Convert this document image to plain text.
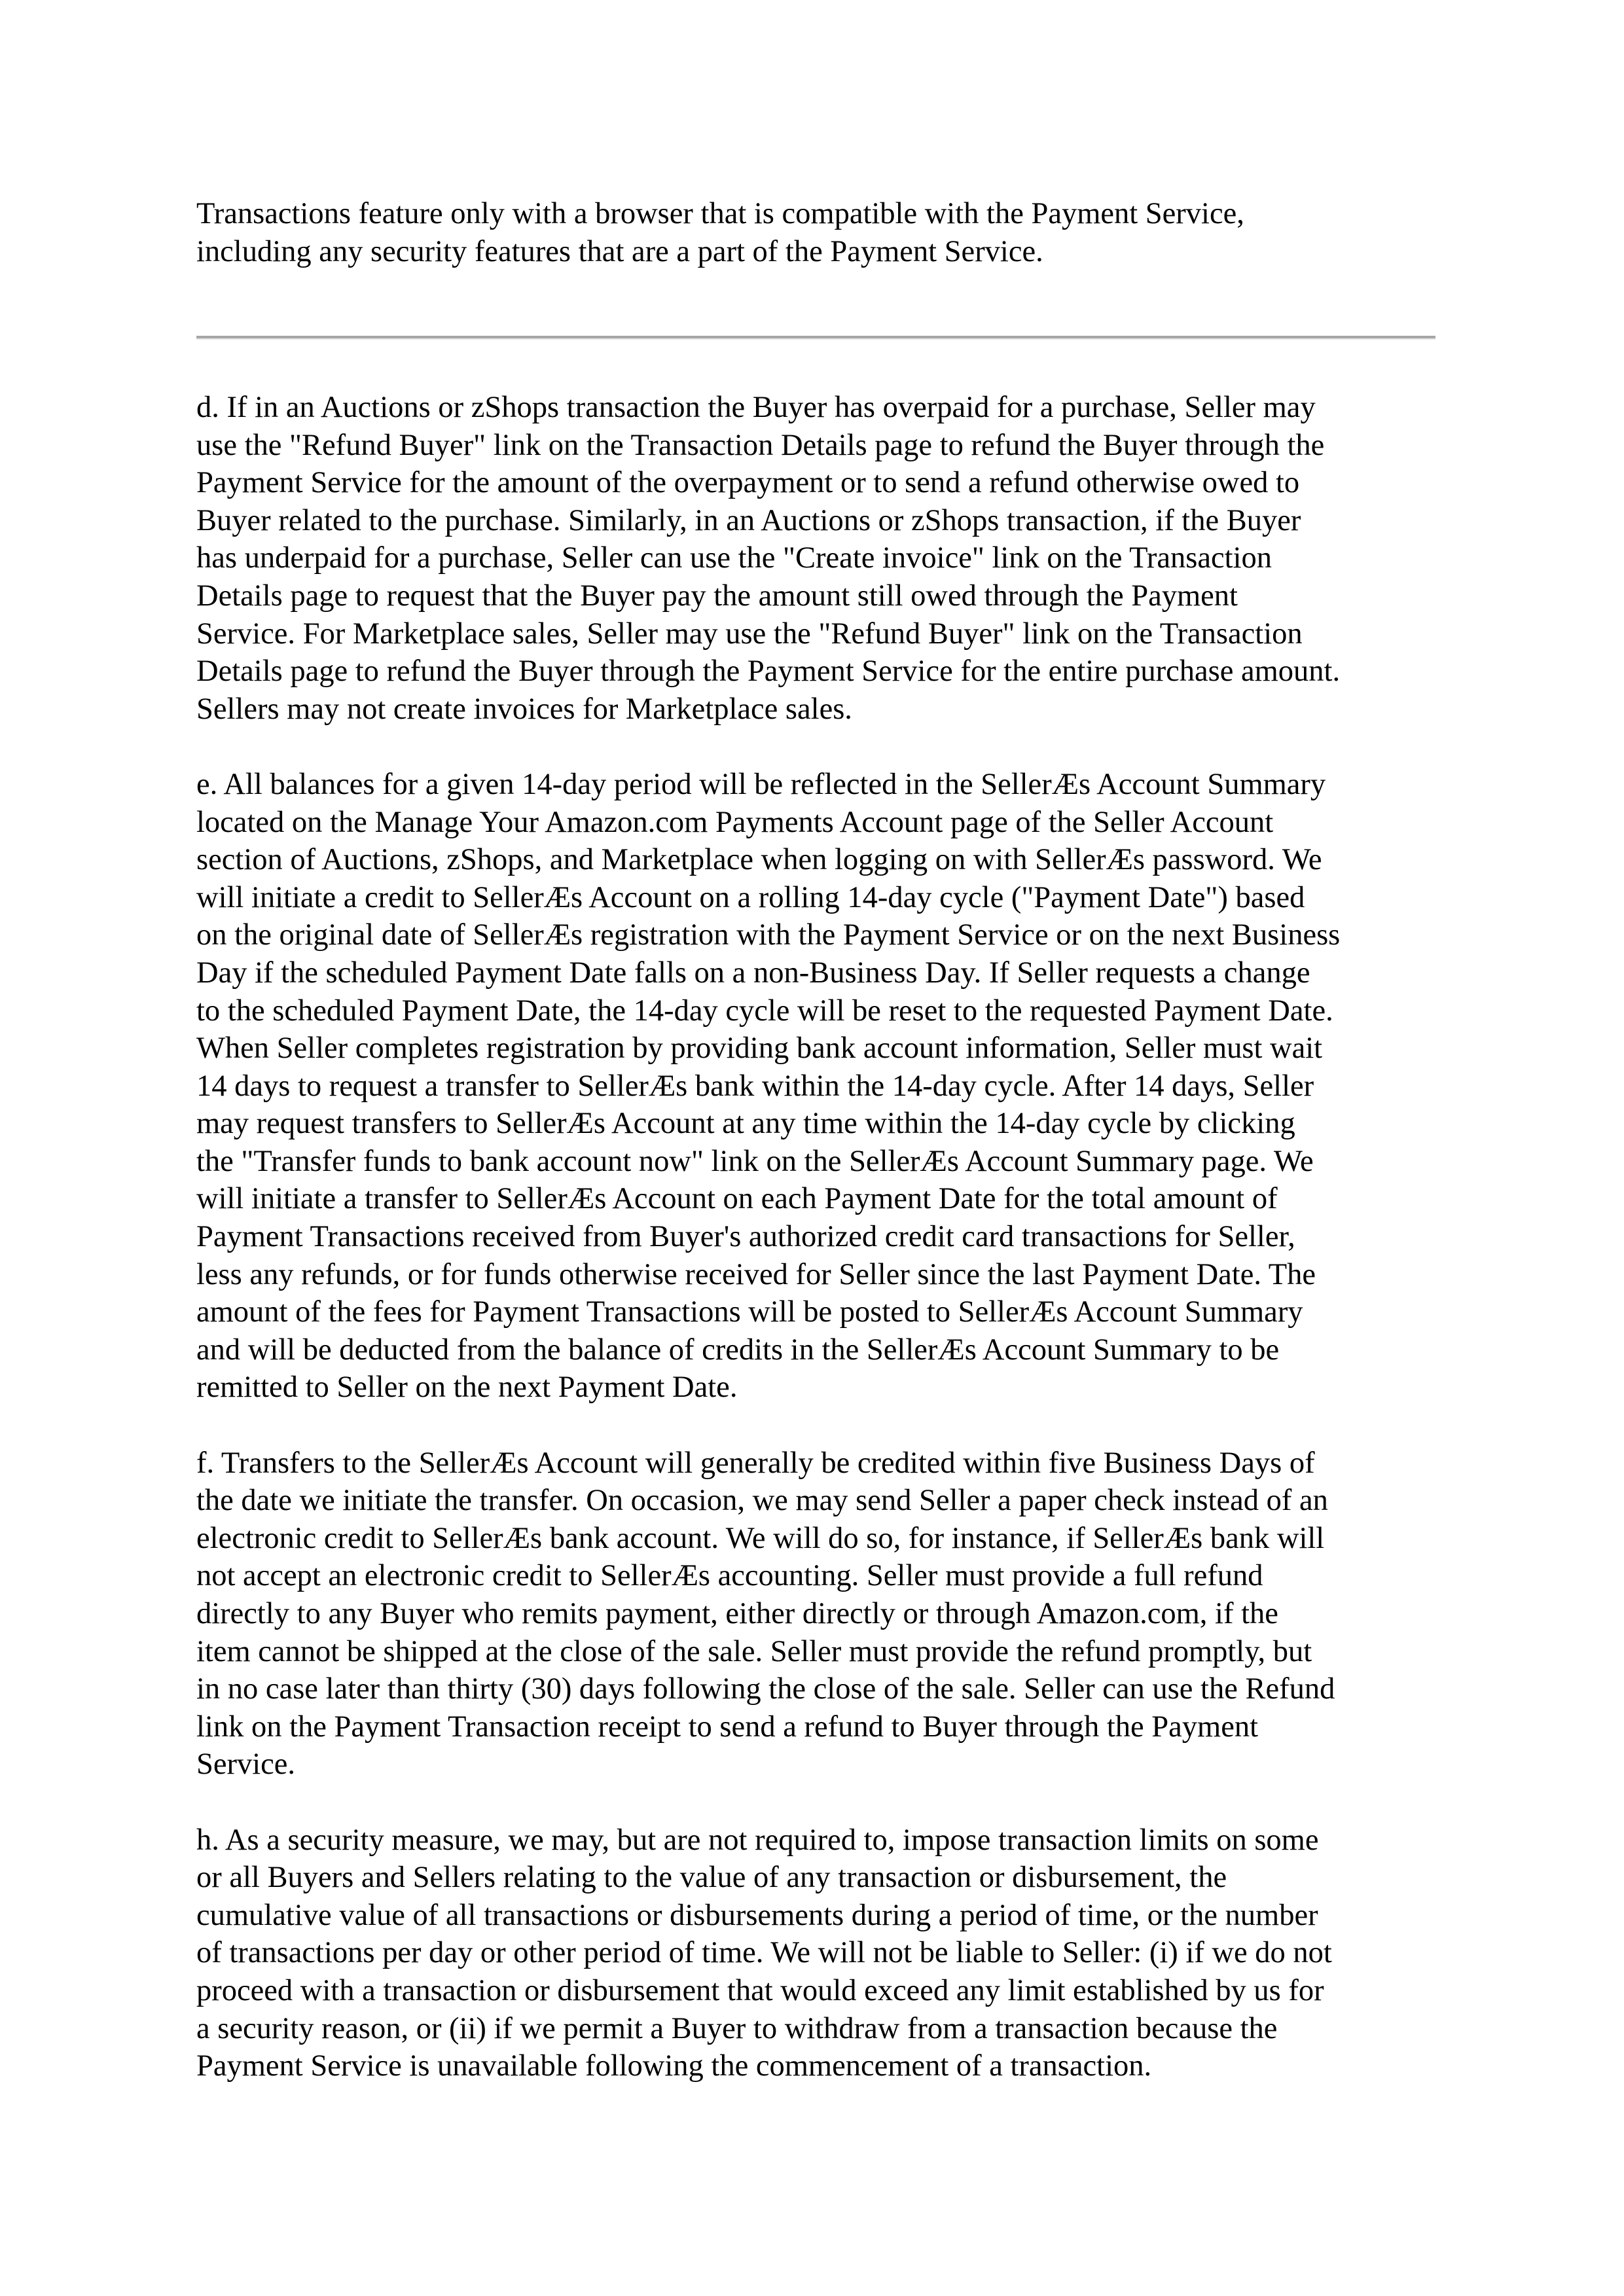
Transactions feature only with a browser that is compatible with the Payment Service,
including any security features that are a part of the Payment Service.

d. If in an Auctions or zShops transaction the Buyer has overpaid for a purchase, Seller may
use the "Refund Buyer" link on the Transaction Details page to refund the Buyer through the
Payment Service for the amount of the overpayment or to send a refund otherwise owed to
Buyer related to the purchase. Similarly, in an Auctions or zShops transaction, if the Buyer
has underpaid for a purchase, Seller can use the "Create invoice" link on the Transaction
Details page to request that the Buyer pay the amount still owed through the Payment
Service. For Marketplace sales, Seller may use the "Refund Buyer" link on the Transaction
Details page to refund the Buyer through the Payment Service for the entire purchase amount.
Sellers may not create invoices for Marketplace sales.

e. All balances for a given 14-day period will be reflected in the SellerÆs Account Summary
located on the Manage Your Amazon.com Payments Account page of the Seller Account
section of Auctions, zShops, and Marketplace when logging on with SellerÆs password. We
will initiate a credit to SellerÆs Account on a rolling 14-day cycle ("Payment Date") based
on the original date of SellerÆs registration with the Payment Service or on the next Business
Day if the scheduled Payment Date falls on a non-Business Day. If Seller requests a change
to the scheduled Payment Date, the 14-day cycle will be reset to the requested Payment Date.
When Seller completes registration by providing bank account information, Seller must wait
14 days to request a transfer to SellerÆs bank within the 14-day cycle. After 14 days, Seller
may request transfers to SellerÆs Account at any time within the 14-day cycle by clicking
the "Transfer funds to bank account now" link on the SellerÆs Account Summary page. We
will initiate a transfer to SellerÆs Account on each Payment Date for the total amount of
Payment Transactions received from Buyer's authorized credit card transactions for Seller,
less any refunds, or for funds otherwise received for Seller since the last Payment Date. The
amount of the fees for Payment Transactions will be posted to SellerÆs Account Summary
and will be deducted from the balance of credits in the SellerÆs Account Summary to be
remitted to Seller on the next Payment Date.

f. Transfers to the SellerÆs Account will generally be credited within five Business Days of
the date we initiate the transfer. On occasion, we may send Seller a paper check instead of an
electronic credit to SellerÆs bank account. We will do so, for instance, if SellerÆs bank will
not accept an electronic credit to SellerÆs accounting. Seller must provide a full refund
directly to any Buyer who remits payment, either directly or through Amazon.com, if the
item cannot be shipped at the close of the sale. Seller must provide the refund promptly, but
in no case later than thirty (30) days following the close of the sale. Seller can use the Refund
link on the Payment Transaction receipt to send a refund to Buyer through the Payment
Service.

h. As a security measure, we may, but are not required to, impose transaction limits on some
or all Buyers and Sellers relating to the value of any transaction or disbursement, the
cumulative value of all transactions or disbursements during a period of time, or the number
of transactions per day or other period of time. We will not be liable to Seller: (i) if we do not
proceed with a transaction or disbursement that would exceed any limit established by us for
a security reason, or (ii) if we permit a Buyer to withdraw from a transaction because the
Payment Service is unavailable following the commencement of a transaction.
